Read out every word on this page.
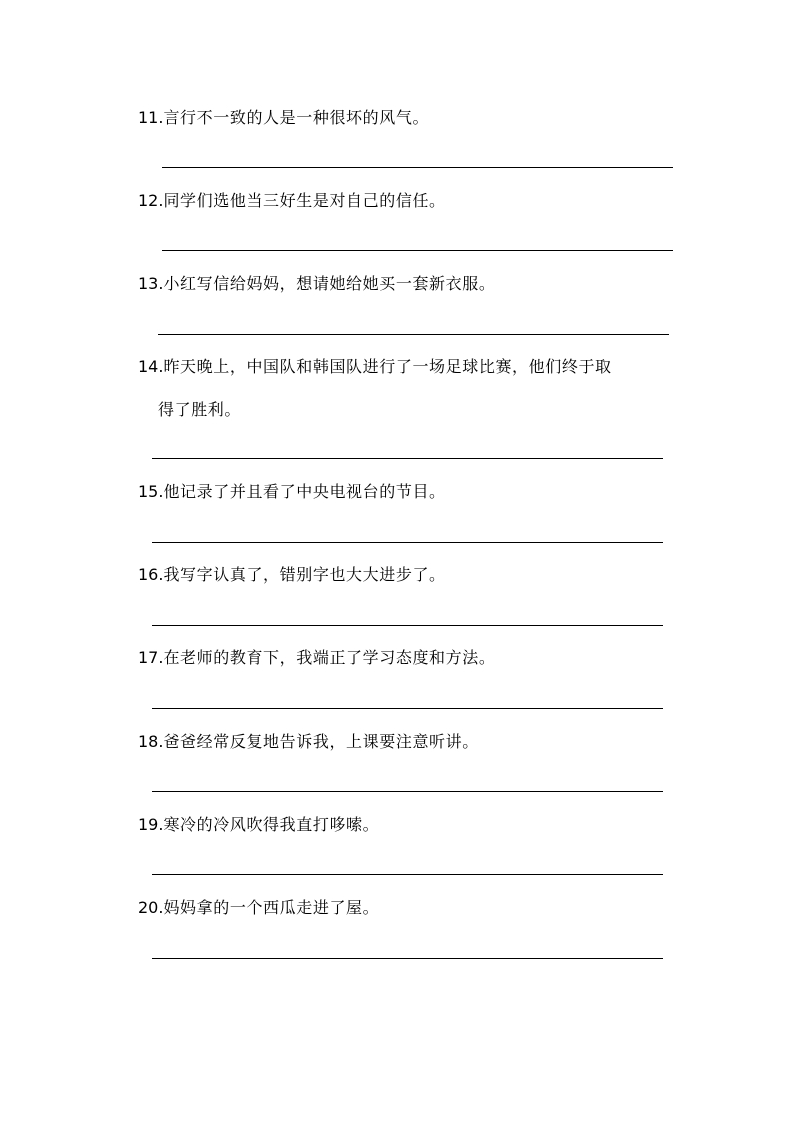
11.言行不一致的人是一种很坏的风气。
12.同学们选他当三好生是对自己的信任。
13.小红写信给妈妈，想请她给她买一套新衣服。
14.昨天晚上，中国队和韩国队进行了一场足球比赛，他们终于取
得了胜利。
15.他记录了并且看了中央电视台的节目。
16.我写字认真了，错别字也大大进步了。
17.在老师的教育下，我端正了学习态度和方法。
18.爸爸经常反复地告诉我，上课要注意听讲。
19.寒冷的冷风吹得我直打哆嗦。
20.妈妈拿的一个西瓜走进了屋。
